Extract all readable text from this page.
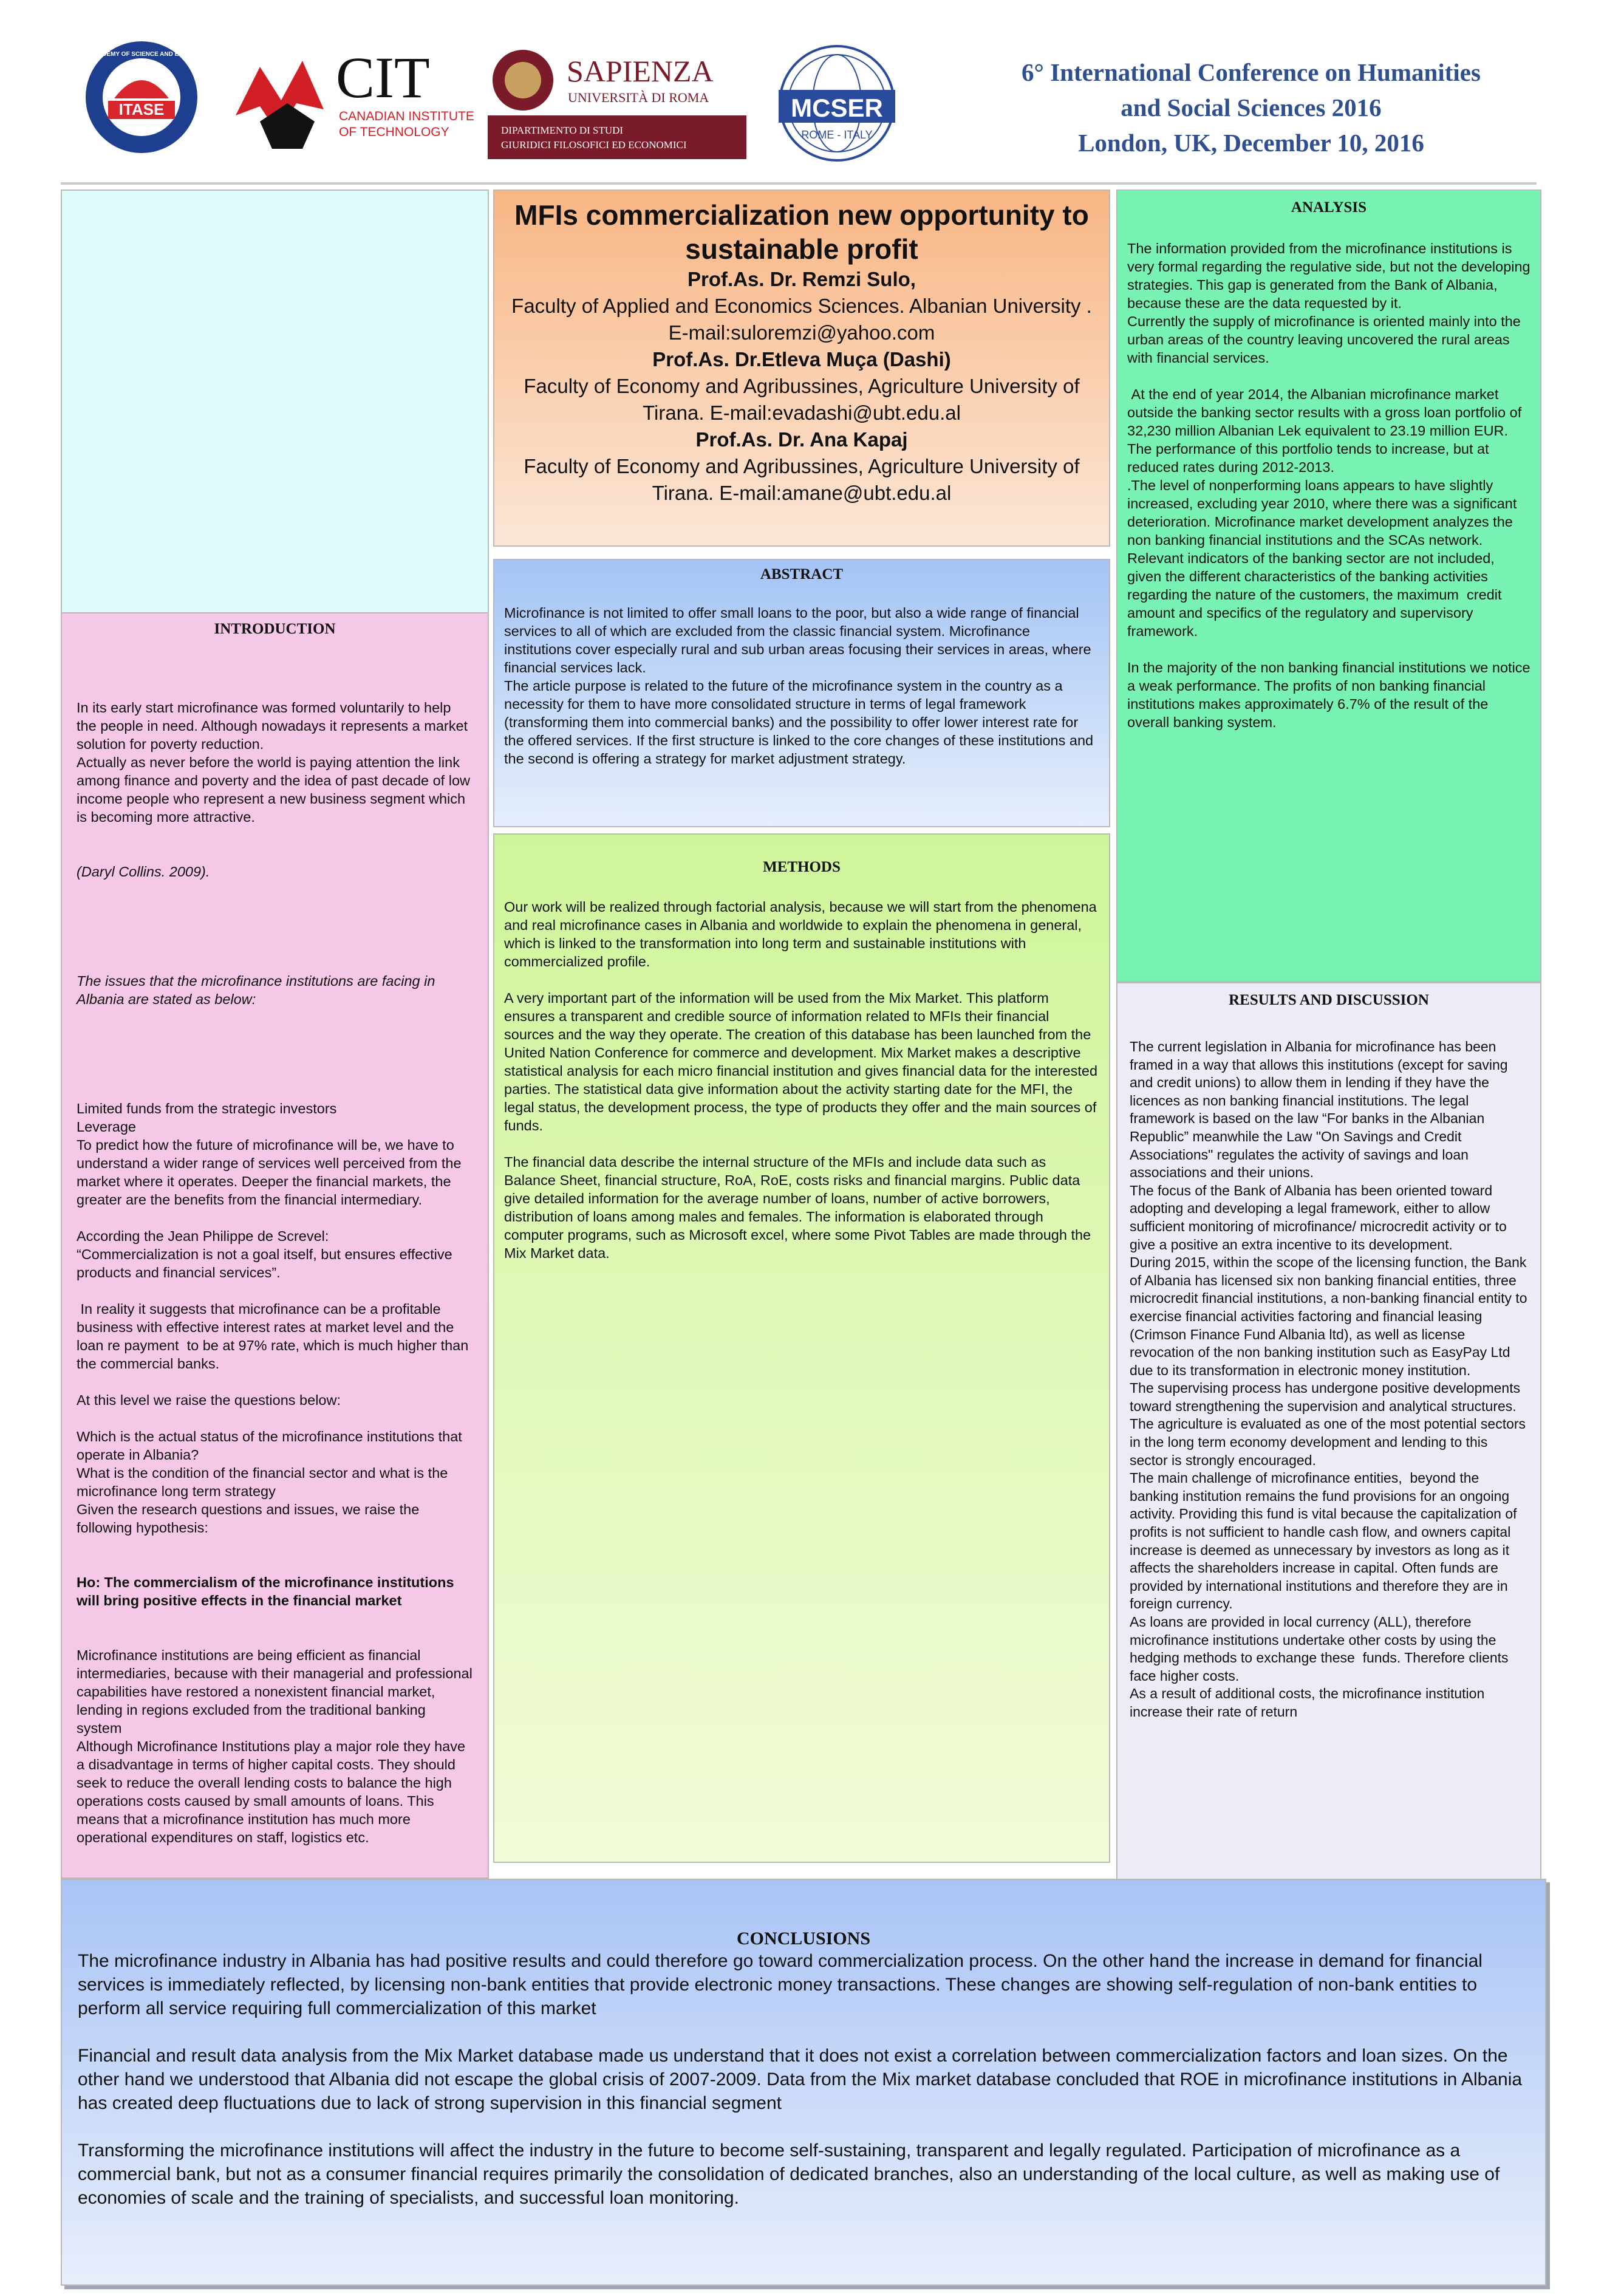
ITASE
IRAN ACADEMY OF SCIENCE AND EDUCATION CIT
CANADIAN INSTITUTE
OF TECHNOLOGY
SAPIENZA
UNIVERSITÀ DI ROMA
DIPARTIMENTO DI STUDI
GIURIDICI FILOSOFICI ED ECONOMICI
MCSER
ROME - ITALY
6° International Conference on Humanities
and Social Sciences 2016
London, UK, December 10, 2016
INTRODUCTION

In its early start microfinance was formed voluntarily to help the people in need. Although nowadays it represents a market solution for poverty reduction.
Actually as never before the world is paying attention the link among finance and poverty and the idea of past decade of low income people who represent a new business segment which is becoming more attractive.

(Daryl Collins. 2009).

The issues that the microfinance institutions are facing in Albania are stated as below:

Limited funds from the strategic investors
Leverage
To predict how the future of microfinance will be, we have to understand a wider range of services well perceived from the market where it operates. Deeper the financial markets, the greater are the benefits from the financial intermediary.

According the Jean Philippe de Screvel:
“Commercialization is not a goal itself, but ensures effective products and financial services”.

In reality it suggests that microfinance can be a profitable business with effective interest rates at market level and the loan re payment  to be at 97% rate, which is much higher than the commercial banks.

At this level we raise the questions below:

Which is the actual status of the microfinance institutions that operate in Albania?
What is the condition of the financial sector and what is the microfinance long term strategy
Given the research questions and issues, we raise the following hypothesis:

Ho: The commercialism of the microfinance institutions will bring positive effects in the financial market

Microfinance institutions are being efficient as financial intermediaries, because with their managerial and professional capabilities have restored a nonexistent financial market, lending in regions excluded from the traditional banking system
Although Microfinance Institutions play a major role they have a disadvantage in terms of higher capital costs. They should seek to reduce the overall lending costs to balance the high operations costs caused by small amounts of loans. This means that a microfinance institution has much more operational expenditures on staff, logistics etc.

MFIs commercialization new opportunity to sustainable profit
Prof.As. Dr. Remzi Sulo,
Faculty of Applied and Economics Sciences. Albanian University . E-mail:suloremzi@yahoo.com
Prof.As. Dr.Etleva Muça (Dashi)
Faculty of Economy and Agribussines, Agriculture University of Tirana. E-mail:evadashi@ubt.edu.al
Prof.As. Dr. Ana Kapaj
Faculty of Economy and Agribussines, Agriculture University of Tirana. E-mail:amane@ubt.edu.al
ABSTRACT
Microfinance is not limited to offer small loans to the poor, but also a wide range of financial services to all of which are excluded from the classic financial system. Microfinance institutions cover especially rural and sub urban areas focusing their services in areas, where financial services lack.
The article purpose is related to the future of the microfinance system in the country as a necessity for them to have more consolidated structure in terms of legal framework (transforming them into commercial banks) and the possibility to offer lower interest rate for the offered services. If the first structure is linked to the core changes of these institutions and the second is offering a strategy for market adjustment strategy.
METHODS
Our work will be realized through factorial analysis, because we will start from the phenomena and real microfinance cases in Albania and worldwide to explain the phenomena in general, which is linked to the transformation into long term and sustainable institutions with commercialized profile.

A very important part of the information will be used from the Mix Market. This platform ensures a transparent and credible source of information related to MFIs their financial sources and the way they operate. The creation of this database has been launched from the United Nation Conference for commerce and development. Mix Market makes a descriptive statistical analysis for each micro financial institution and gives financial data for the interested parties. The statistical data give information about the activity starting date for the MFI, the legal status, the development process, the type of products they offer and the main sources of funds.

The financial data describe the internal structure of the MFIs and include data such as Balance Sheet, financial structure, RoA, RoE, costs risks and financial margins. Public data give detailed information for the average number of loans, number of active borrowers, distribution of loans among males and females. The information is elaborated through computer programs, such as Microsoft excel, where some Pivot Tables are made through the Mix Market data.
ANALYSIS
The information provided from the microfinance institutions is very formal regarding the regulative side, but not the developing strategies. This gap is generated from the Bank of Albania, because these are the data requested by it.
Currently the supply of microfinance is oriented mainly into the urban areas of the country leaving uncovered the rural areas with financial services.

At the end of year 2014, the Albanian microfinance market outside the banking sector results with a gross loan portfolio of 32,230 million Albanian Lek equivalent to 23.19 million EUR. The performance of this portfolio tends to increase, but at reduced rates during 2012-2013.
.The level of nonperforming loans appears to have slightly increased, excluding year 2010, where there was a significant deterioration. Microfinance market development analyzes the non banking financial institutions and the SCAs network. Relevant indicators of the banking sector are not included, given the different characteristics of the banking activities regarding the nature of the customers, the maximum  credit amount and specifics of the regulatory and supervisory framework.

In the majority of the non banking financial institutions we notice a weak performance. The profits of non banking financial institutions makes approximately 6.7% of the result of the overall banking system.
RESULTS AND DISCUSSION
The current legislation in Albania for microfinance has been framed in a way that allows this institutions (except for saving and credit unions) to allow them in lending if they have the licences as non banking financial institutions. The legal framework is based on the law “For banks in the Albanian Republic” meanwhile the Law "On Savings and Credit Associations" regulates the activity of savings and loan associations and their unions.
The focus of the Bank of Albania has been oriented toward adopting and developing a legal framework, either to allow sufficient monitoring of microfinance/ microcredit activity or to give a positive an extra incentive to its development.
During 2015, within the scope of the licensing function, the Bank of Albania has licensed six non banking financial entities, three microcredit financial institutions, a non-banking financial entity to exercise financial activities factoring and financial leasing (Crimson Finance Fund Albania ltd), as well as license revocation of the non banking institution such as EasyPay Ltd due to its transformation in electronic money institution.
The supervising process has undergone positive developments toward strengthening the supervision and analytical structures.
The agriculture is evaluated as one of the most potential sectors in the long term economy development and lending to this sector is strongly encouraged.
The main challenge of microfinance entities,  beyond the banking institution remains the fund provisions for an ongoing activity. Providing this fund is vital because the capitalization of profits is not sufficient to handle cash flow, and owners capital  increase is deemed as unnecessary by investors as long as it affects the shareholders increase in capital. Often funds are provided by international institutions and therefore they are in foreign currency.
As loans are provided in local currency (ALL), therefore microfinance institutions undertake other costs by using the hedging methods to exchange these  funds. Therefore clients face higher costs.
As a result of additional costs, the microfinance institution increase their rate of return
CONCLUSIONS
The microfinance industry in Albania has had positive results and could therefore go toward commercialization process. On the other hand the increase in demand for financial services is immediately reflected, by licensing non-bank entities that provide electronic money transactions. These changes are showing self-regulation of non-bank entities to perform all service requiring full commercialization of this market

Financial and result data analysis from the Mix Market database made us understand that it does not exist a correlation between commercialization factors and loan sizes. On the other hand we understood that Albania did not escape the global crisis of 2007-2009. Data from the Mix market database concluded that ROE in microfinance institutions in Albania has created deep fluctuations due to lack of strong supervision in this financial segment

Transforming the microfinance institutions will affect the industry in the future to become self-sustaining, transparent and legally regulated. Participation of microfinance as a commercial bank, but not as a consumer financial requires primarily the consolidation of dedicated branches, also an understanding of the local culture, as well as making use of economies of scale and the training of specialists, and successful loan monitoring.
